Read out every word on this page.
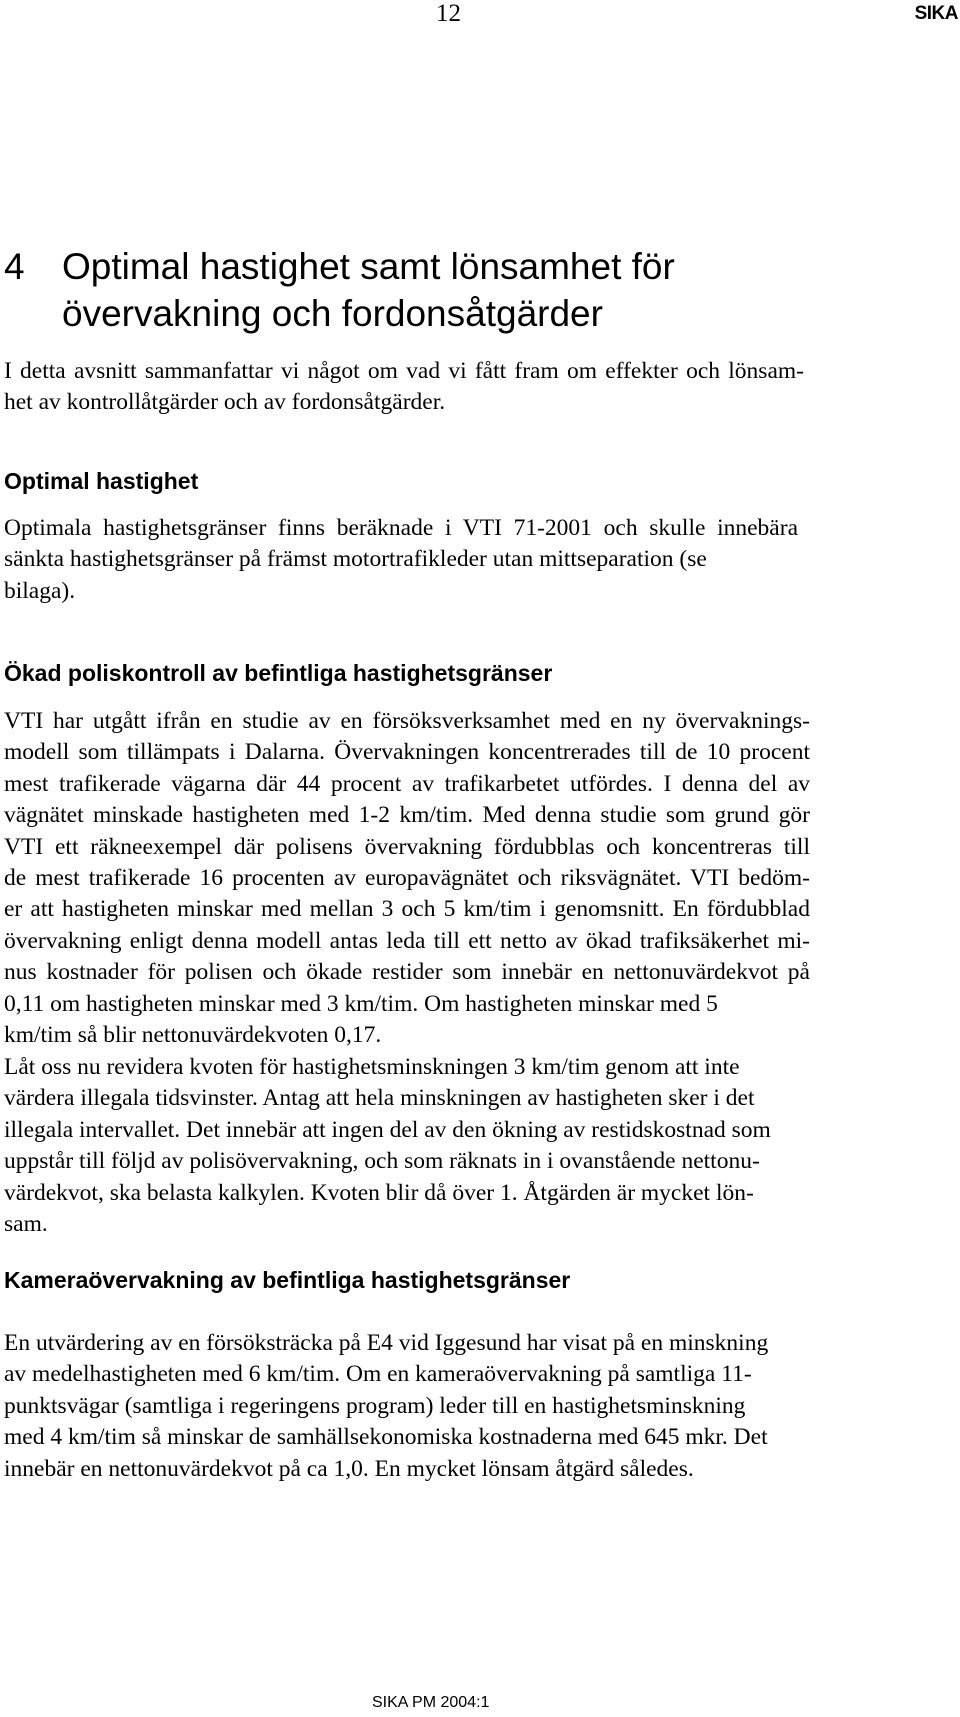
12	SIKA
4	Optimal hastighet samt lönsamhet för
övervakning och fordonsåtgärder
I detta avsnitt sammanfattar vi något om vad vi fått fram om effekter och lönsam-
het av kontrollåtgärder och av fordonsåtgärder.
Optimal hastighet
Optimala hastighetsgränser finns beräknade i VTI 71-2001 och skulle innebära
sänkta hastighetsgränser på främst motortrafikleder utan mittseparation (se
bilaga).
Ökad poliskontroll av befintliga hastighetsgränser
VTI har utgått ifrån en studie av en försöksverksamhet med en ny övervaknings-
modell som tillämpats i Dalarna. Övervakningen koncentrerades till de 10 procent
mest trafikerade vägarna där 44 procent av trafikarbetet utfördes. I denna del av
vägnätet minskade hastigheten med 1-2 km/tim. Med denna studie som grund gör
VTI ett räkneexempel där polisens övervakning fördubblas och koncentreras till
de mest trafikerade 16 procenten av europavägnätet och riksvägnätet. VTI bedöm-
er att hastigheten minskar med mellan 3 och 5 km/tim i genomsnitt. En fördubblad
övervakning enligt denna modell antas leda till ett netto av ökad trafiksäkerhet mi-
nus kostnader för polisen och ökade restider som innebär en nettonuvärdekvot på
0,11 om hastigheten minskar med 3 km/tim. Om hastigheten minskar med 5
km/tim så blir nettonuvärdekvoten 0,17.
Låt oss nu revidera kvoten för hastighetsminskningen 3 km/tim genom att inte
värdera illegala tidsvinster. Antag att hela minskningen av hastigheten sker i det
illegala intervallet. Det innebär att ingen del av den ökning av restidskostnad som
uppstår till följd av polisövervakning, och som räknats in i ovanstående nettonu-
värdekvot, ska belasta kalkylen. Kvoten blir då över 1. Åtgärden är mycket lön-
sam.
Kameraövervakning av befintliga hastighetsgränser
En utvärdering av en försöksträcka på E4 vid Iggesund har visat på en minskning
av medelhastigheten med 6 km/tim. Om en kameraövervakning på samtliga 11-
punktsvägar (samtliga i regeringens program) leder till en hastighetsminskning
med 4 km/tim så minskar de samhällsekonomiska kostnaderna med 645 mkr. Det
innebär en nettonuvärdekvot på ca 1,0. En mycket lönsam åtgärd således.
SIKA PM 2004:1
